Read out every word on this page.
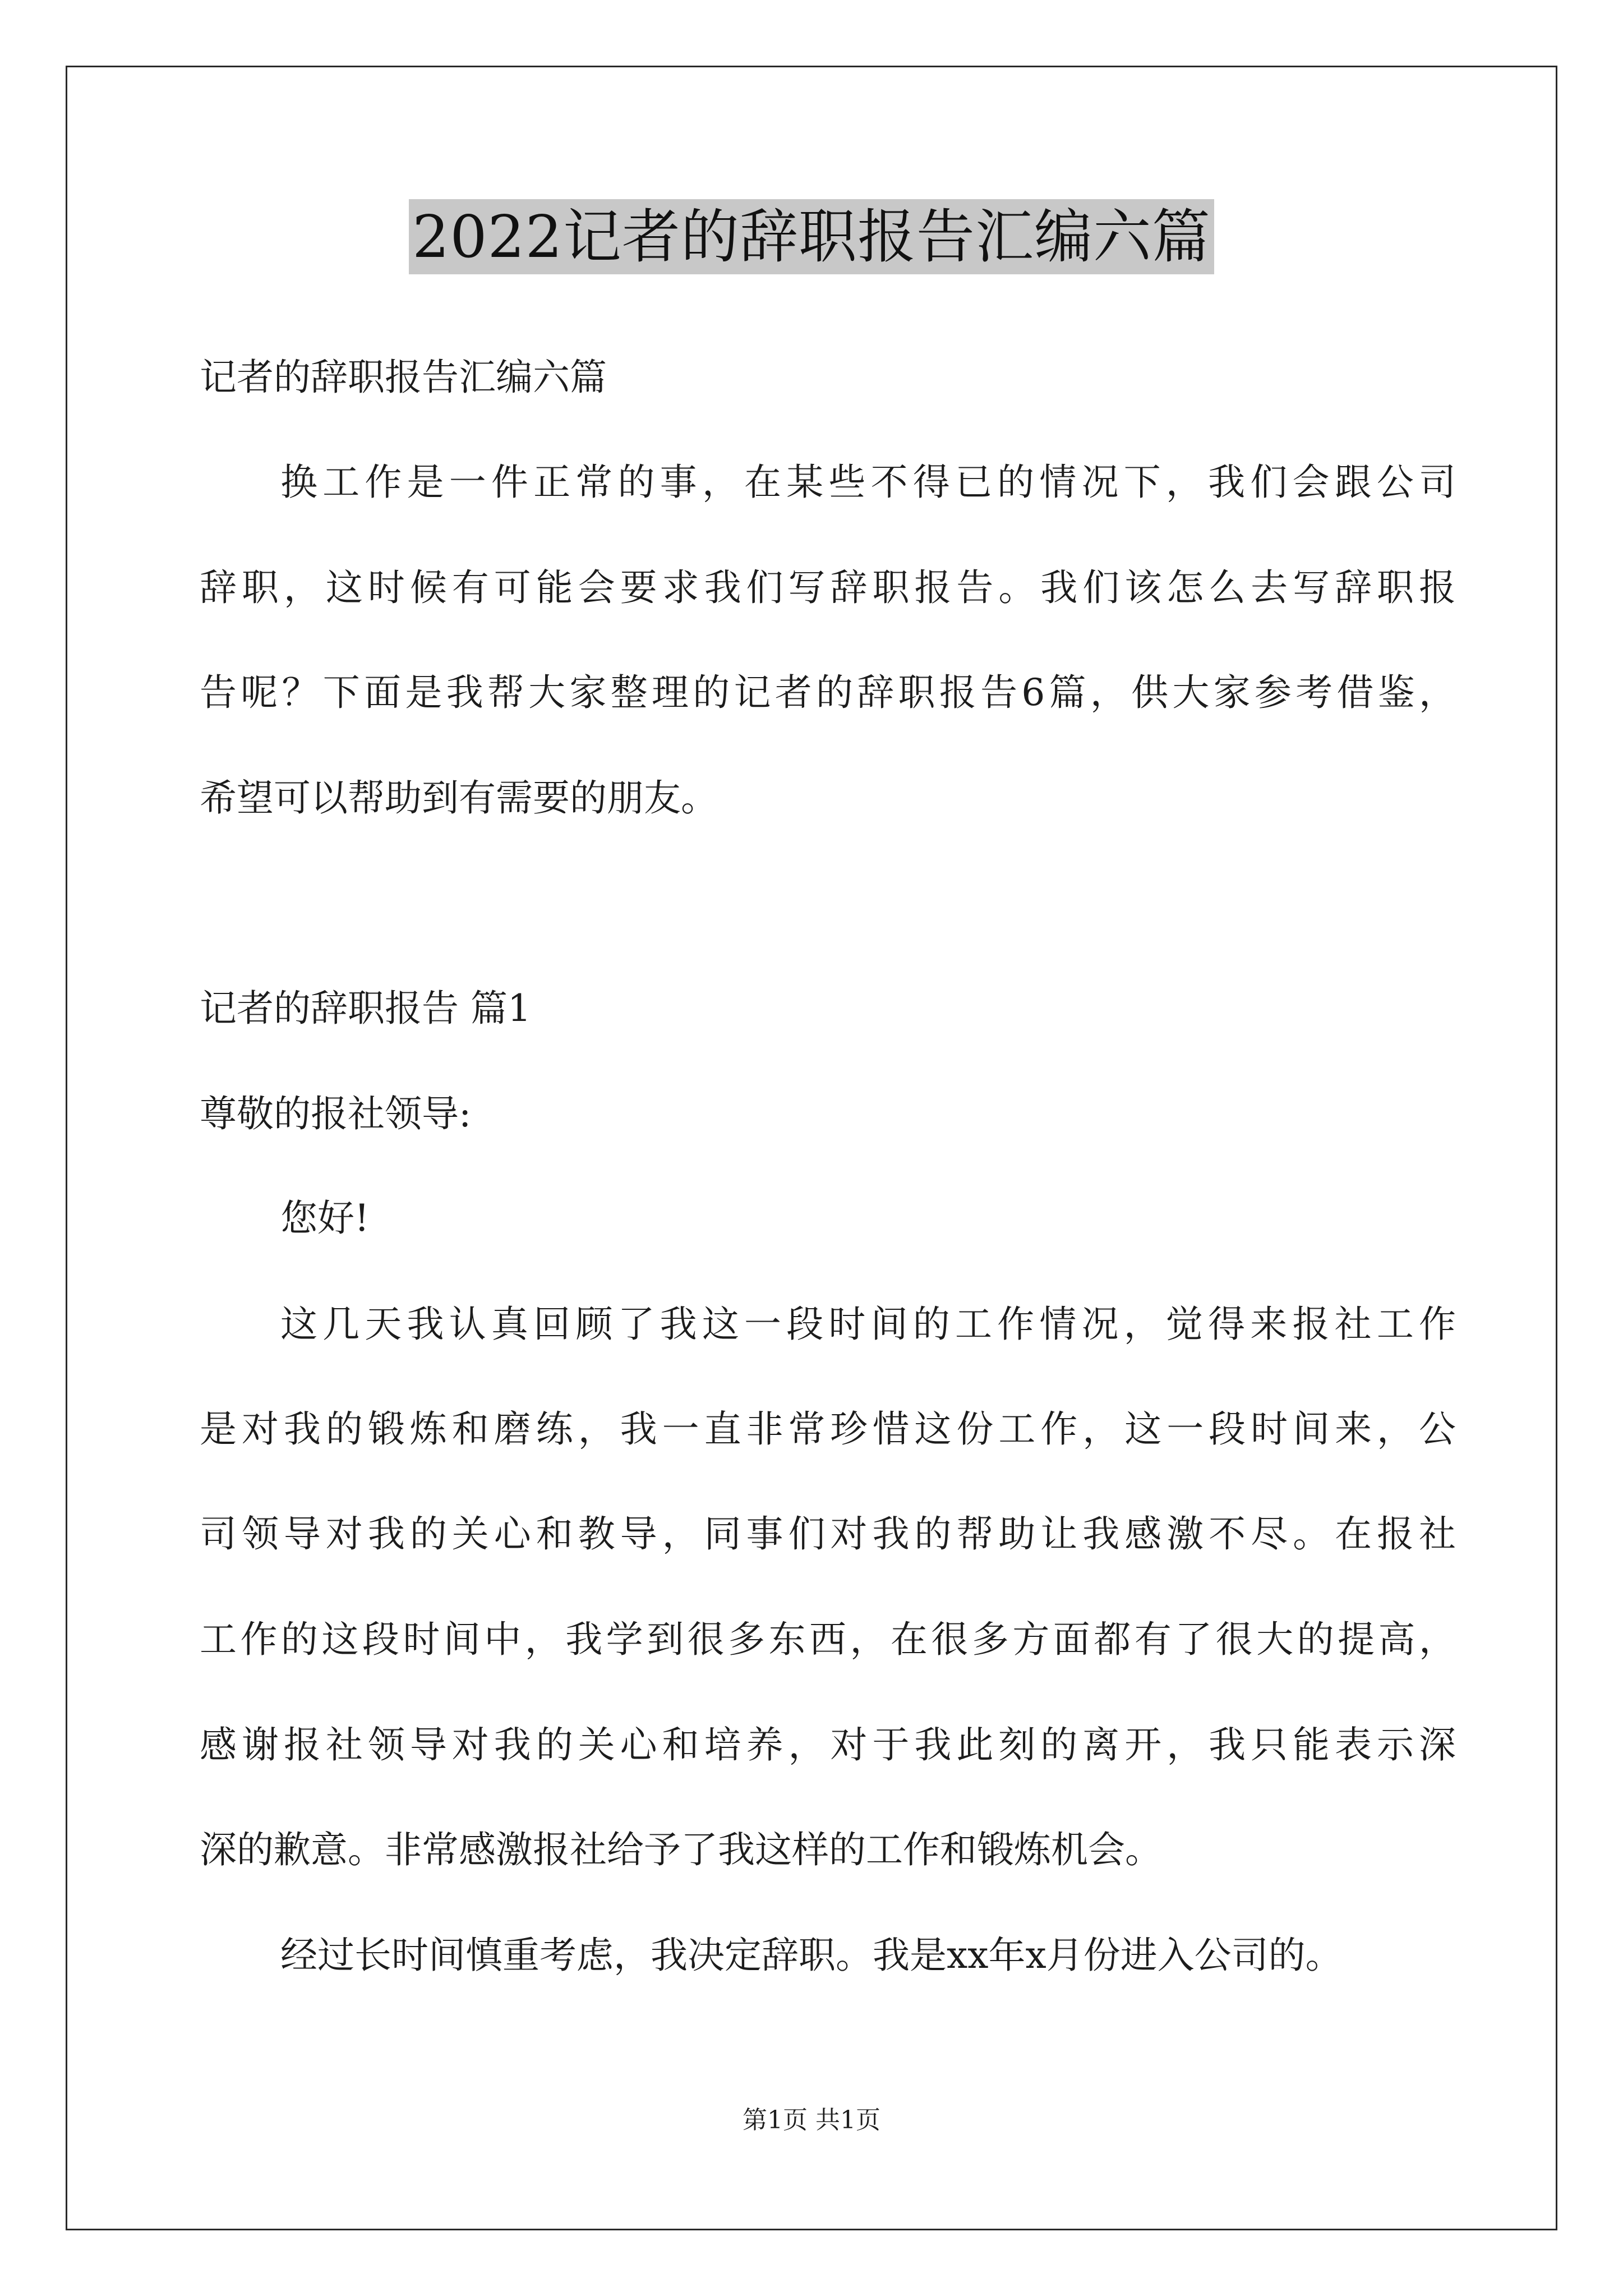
2022记者的辞职报告汇编六篇
记者的辞职报告汇编六篇
换工作是一件正常的事，在某些不得已的情况下，我们会跟公司
辞职，这时候有可能会要求我们写辞职报告。我们该怎么去写辞职报
告呢？下面是我帮大家整理的记者的辞职报告6篇，供大家参考借鉴，
希望可以帮助到有需要的朋友。
记者的辞职报告 篇1
尊敬的报社领导:
您好!
这几天我认真回顾了我这一段时间的工作情况，觉得来报社工作
是对我的锻炼和磨练，我一直非常珍惜这份工作，这一段时间来，公
司领导对我的关心和教导，同事们对我的帮助让我感激不尽。在报社
工作的这段时间中，我学到很多东西，在很多方面都有了很大的提高，
感谢报社领导对我的关心和培养，对于我此刻的离开，我只能表示深
深的歉意。非常感激报社给予了我这样的工作和锻炼机会。
经过长时间慎重考虑，我决定辞职。我是xx年x月份进入公司的。
第1页 共1页
